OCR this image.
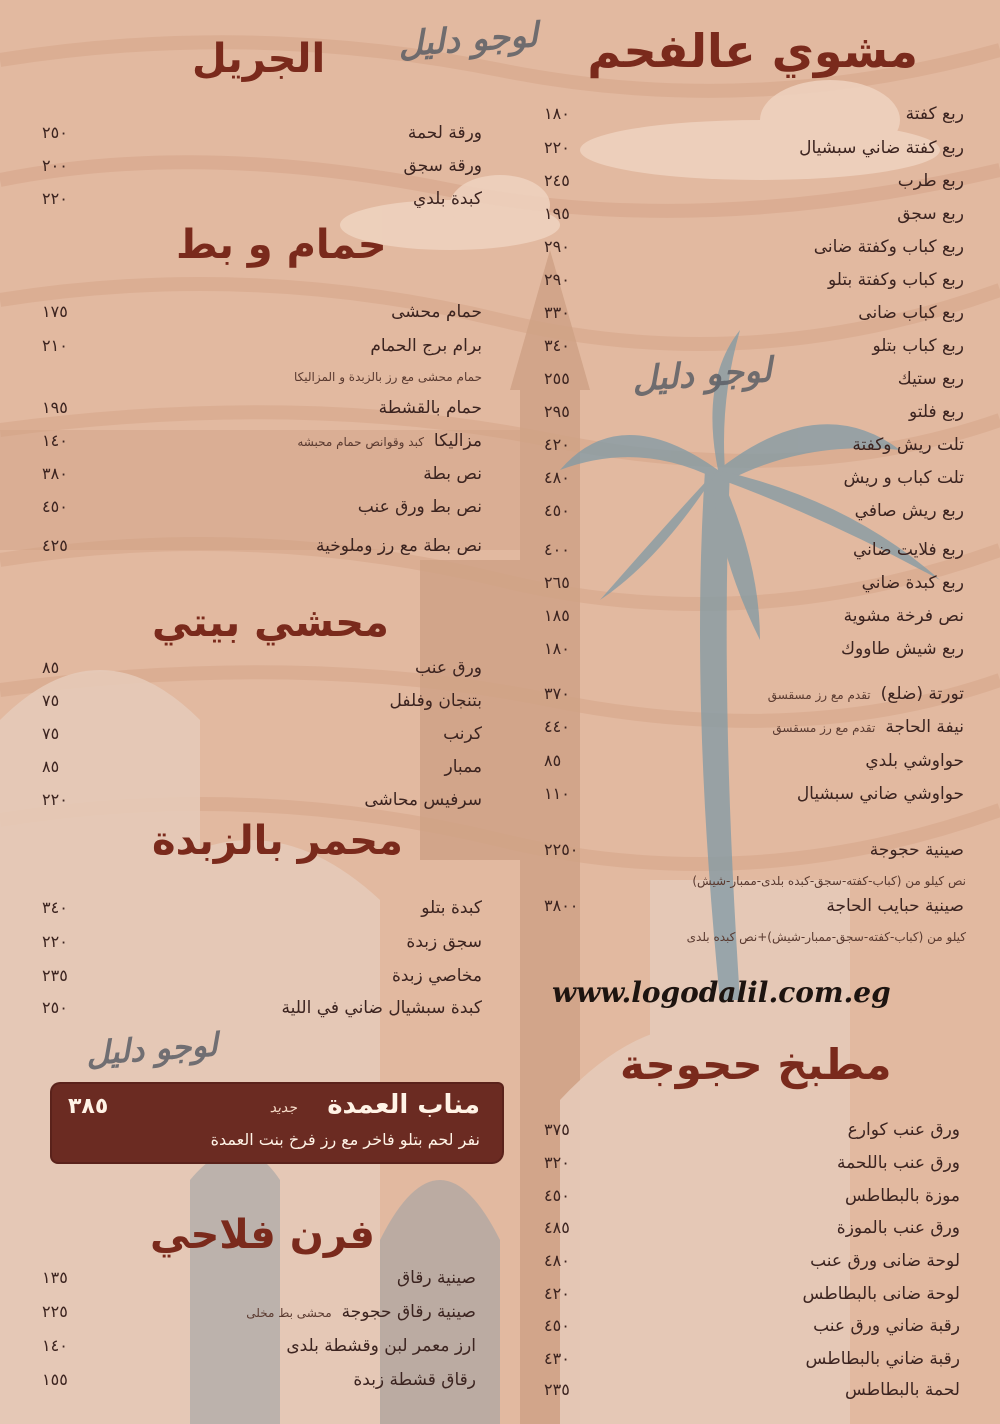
لوجو دليل
لوجو دليل
لوجو دليل
مشوي عالفحم
الجريل
حمام و بط
محشي بيتي
محمر بالزبدة
فرن فلاحي
مطبخ حجوجة
ربع كفتة
١٨٠
ربع كفتة ضاني سبشيال
٢٢٠
ربع طرب
٢٤٥
ربع سجق
١٩٥
ربع كباب وكفتة ضانى
٢٩٠
ربع كباب وكفتة بتلو
٢٩٠
ربع كباب ضانى
٣٣٠
ربع كباب بتلو
٣٤٠
ربع ستيك
٢٥٥
ربع فلتو
٢٩٥
تلت ريش وكفتة
٤٢٠
تلت كباب و ريش
٤٨٠
ربع ريش صافي
٤٥٠
ربع فلايت ضاني
٤٠٠
ربع كبدة ضاني
٢٦٥
نص فرخة مشوية
١٨٥
ربع شيش طاووك
١٨٠
تورتة (ضلع)تقدم مع رز مسقسق
٣٧٠
نيفة الحاجةتقدم مع رز مسقسق
٤٤٠
حواوشي بلدي
٨٥
حواوشي ضاني سبشيال
١١٠
صينية حجوجة
٢٢٥٠
صينية حبايب الحاجة
٣٨٠٠
نص كيلو من (كباب-كفته-سجق-كبده بلدى-ممبار-شيش)
كيلو من (كباب-كفته-سجق-ممبار-شيش)+نص كبده بلدى
ورقة لحمة
٢٥٠
ورقة سجق
٢٠٠
كبدة بلدي
٢٢٠
حمام محشى
١٧٥
برام برج الحمام
٢١٠
حمام بالقشطة
١٩٥
مزاليكاكبد وقوانص حمام محبشه
١٤٠
نص بطة
٣٨٠
نص بط ورق عنب
٤٥٠
نص بطة مع رز وملوخية
٤٢٥
حمام محشى مع رز بالزبدة و المزاليكا
ورق عنب
٨٥
بتنجان وفلفل
٧٥
كرنب
٧٥
ممبار
٨٥
سرفيس محاشى
٢٢٠
كبدة بتلو
٣٤٠
سجق زبدة
٢٢٠
مخاصي زبدة
٢٣٥
كبدة سبشيال ضاني في اللية
٢٥٠	www.logodalil.com.eg
مناب العمدة
جديد
٣٨٥
نفر لحم بتلو فاخر مع رز فرخ بنت العمدة
صينية رقاق
١٣٥
صينية رقاق حجوجةمحشى بط مخلى
٢٢٥
ارز معمر لبن وقشطة بلدى
١٤٠
رقاق قشطة زبدة
١٥٥
ورق عنب كوارع
٣٧٥
ورق عنب باللحمة
٣٢٠
موزة بالبطاطس
٤٥٠
ورق عنب بالموزة
٤٨٥
لوحة ضانى ورق عنب
٤٨٠
لوحة ضانى بالبطاطس
٤٢٠
رقبة ضاني ورق عنب
٤٥٠
رقبة ضاني بالبطاطس
٤٣٠
لحمة بالبطاطس
٢٣٥
